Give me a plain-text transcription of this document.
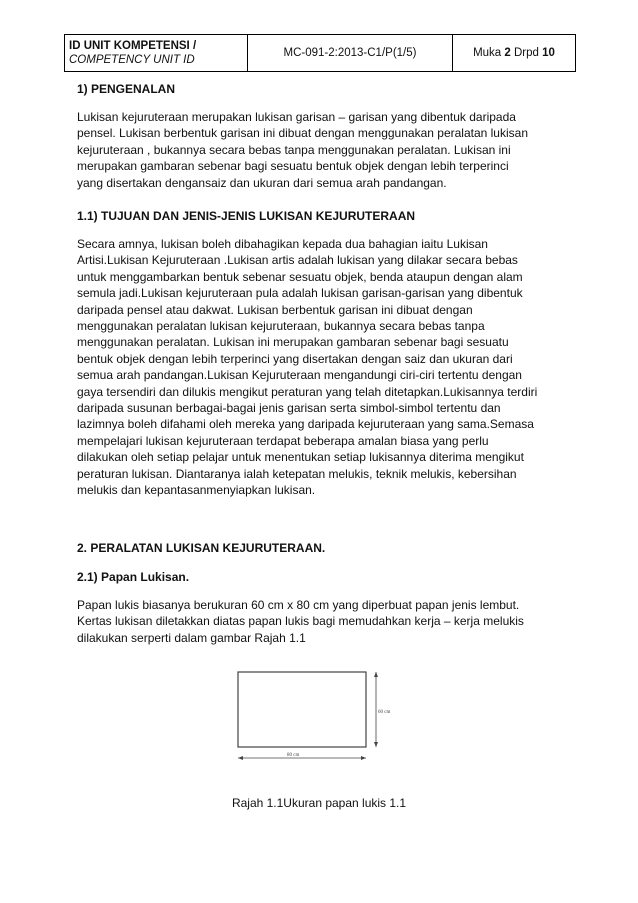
ID UNIT KOMPETENSI /
COMPETENCY UNIT ID
	MC-091-2:2013-C1/P(1/5)	Muka 2 Drpd 10
1) PENGENALAN
Lukisan kejuruteraan merupakan lukisan garisan – garisan yang dibentuk daripada
pensel. Lukisan berbentuk garisan ini dibuat dengan menggunakan peralatan lukisan
kejuruteraan , bukannya secara bebas tanpa menggunakan peralatan. Lukisan ini
merupakan gambaran sebenar bagi sesuatu bentuk objek dengan lebih terperinci
yang disertakan dengansaiz dan ukuran dari semua arah pandangan.
1.1) TUJUAN DAN JENIS-JENIS LUKISAN KEJURUTERAAN
Secara amnya, lukisan boleh dibahagikan kepada dua bahagian iaitu Lukisan
Artisi.Lukisan Kejuruteraan .Lukisan artis adalah lukisan yang dilakar secara bebas
untuk menggambarkan bentuk sebenar sesuatu objek, benda ataupun dengan alam
semula jadi.Lukisan kejuruteraan pula adalah lukisan garisan-garisan yang dibentuk
daripada pensel atau dakwat. Lukisan berbentuk garisan ini dibuat dengan
menggunakan peralatan lukisan kejuruteraan, bukannya secara bebas tanpa
menggunakan peralatan. Lukisan ini merupakan gambaran sebenar bagi sesuatu
bentuk objek dengan lebih terperinci yang disertakan dengan saiz dan ukuran dari
semua arah pandangan.Lukisan Kejuruteraan mengandungi ciri-ciri tertentu dengan
gaya tersendiri dan dilukis mengikut peraturan yang telah ditetapkan.Lukisannya terdiri
daripada susunan berbagai-bagai jenis garisan serta simbol-simbol tertentu dan
lazimnya boleh difahami oleh mereka yang daripada kejuruteraan yang sama.Semasa
mempelajari lukisan kejuruteraan terdapat beberapa amalan biasa yang perlu
dilakukan oleh setiap pelajar untuk menentukan setiap lukisannya diterima mengikut
peraturan lukisan. Diantaranya ialah ketepatan melukis, teknik melukis, kebersihan
melukis dan kepantasanmenyiapkan lukisan.
2. PERALATAN LUKISAN KEJURUTERAAN.
2.1) Papan Lukisan.
Papan lukis biasanya berukuran 60 cm x 80 cm yang diperbuat papan jenis lembut.
Kertas lukisan diletakkan diatas papan lukis bagi memudahkan kerja – kerja melukis
dilakukan serperti dalam gambar Rajah 1.1
60 cm
80 cm
Rajah 1.1Ukuran papan lukis 1.1
